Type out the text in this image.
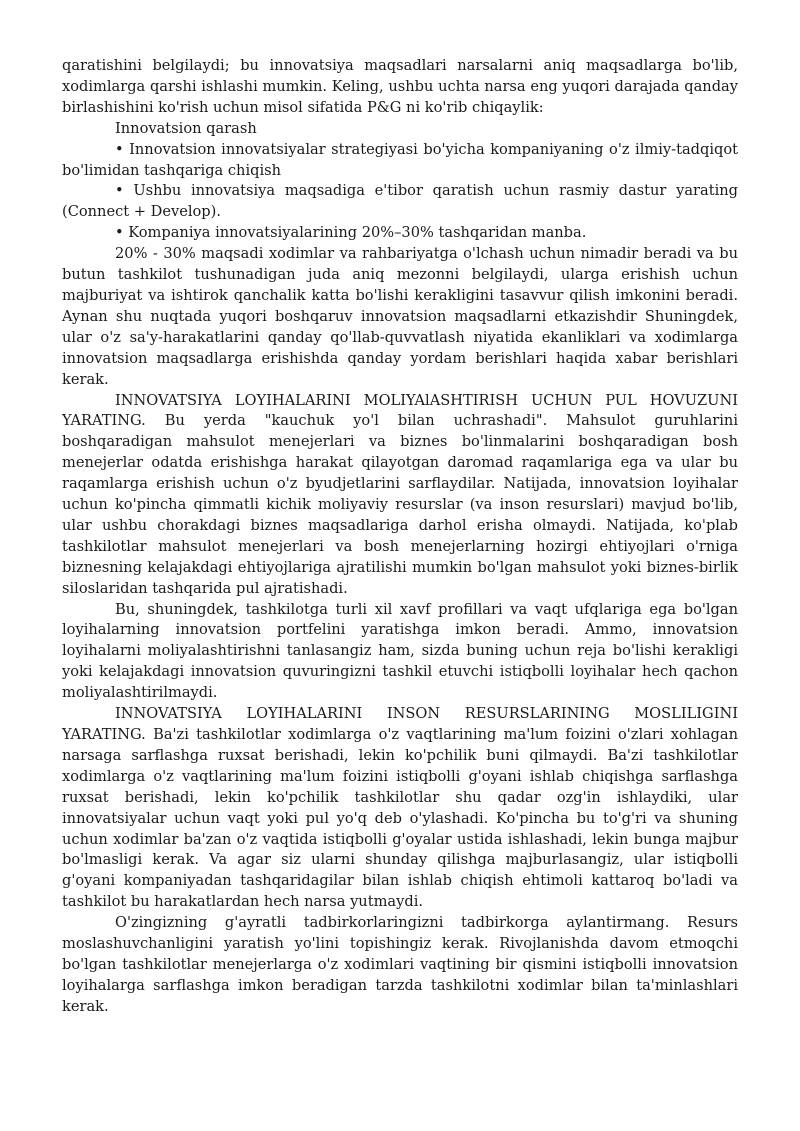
qaratishini belgilaydi; bu innovatsiya maqsadlari narsalarni aniq maqsadlarga bo'lib, xodimlarga qarshi ishlashi mumkin. Keling, ushbu uchta narsa eng yuqori darajada qanday birlashishini ko'rish uchun misol sifatida P&G ni ko'rib chiqaylik:

Innovatsion qarash

• Innovatsion innovatsiyalar strategiyasi bo'yicha kompaniyaning o'z ilmiy-tadqiqot bo'limidan tashqariga chiqish

• Ushbu innovatsiya maqsadiga e'tibor qaratish uchun rasmiy dastur yarating (Connect + Develop).

• Kompaniya innovatsiyalarining 20%–30% tashqaridan manba.

20% - 30% maqsadi xodimlar va rahbariyatga o'lchash uchun nimadir beradi va bu butun tashkilot tushunadigan juda aniq mezonni belgilaydi, ularga erishish uchun majburiyat va ishtirok qanchalik katta bo'lishi kerakligini tasavvur qilish imkonini beradi. Aynan shu nuqtada yuqori boshqaruv innovatsion maqsadlarni etkazishdir Shuningdek, ular o'z sa'y-harakatlarini qanday qo'llab-quvvatlash niyatida ekanliklari va xodimlarga innovatsion maqsadlarga erishishda qanday yordam berishlari haqida xabar berishlari kerak.

INNOVATSIYA LOYIHALARINI MOLIYAlASHTIRISH UCHUN PUL HOVUZUNI YARATING. Bu yerda "kauchuk yo'l bilan uchrashadi". Mahsulot guruhlarini boshqaradigan mahsulot menejerlari va biznes bo'linmalarini boshqaradigan bosh menejerlar odatda erishishga harakat qilayotgan daromad raqamlariga ega va ular bu raqamlarga erishish uchun o'z byudjetlarini sarflaydilar. Natijada, innovatsion loyihalar uchun ko'pincha qimmatli kichik moliyaviy resurslar (va inson resurslari) mavjud bo'lib, ular ushbu chorakdagi biznes maqsadlariga darhol erisha olmaydi. Natijada, ko'plab tashkilotlar mahsulot menejerlari va bosh menejerlarning hozirgi ehtiyojlari o'rniga biznesning kelajakdagi ehtiyojlariga ajratilishi mumkin bo'lgan mahsulot yoki biznes-birlik siloslaridan tashqarida pul ajratishadi.

Bu, shuningdek, tashkilotga turli xil xavf profillari va vaqt ufqlariga ega bo'lgan loyihalarning innovatsion portfelini yaratishga imkon beradi. Ammo, innovatsion loyihalarni moliyalashtirishni tanlasangiz ham, sizda buning uchun reja bo'lishi kerakligi yoki kelajakdagi innovatsion quvuringizni tashkil etuvchi istiqbolli loyihalar hech qachon moliyalashtirilmaydi.

INNOVATSIYA LOYIHALARINI INSON RESURSLARINING MOSLILIGINI YARATING. Ba'zi tashkilotlar xodimlarga o'z vaqtlarining ma'lum foizini o'zlari xohlagan narsaga sarflashga ruxsat berishadi, lekin ko'pchilik buni qilmaydi. Ba'zi tashkilotlar xodimlarga o'z vaqtlarining ma'lum foizini istiqbolli g'oyani ishlab chiqishga sarflashga ruxsat berishadi, lekin ko'pchilik tashkilotlar shu qadar ozg'in ishlaydiki, ular innovatsiyalar uchun vaqt yoki pul yo'q deb o'ylashadi. Ko'pincha bu to'g'ri va shuning uchun xodimlar ba'zan o'z vaqtida istiqbolli g'oyalar ustida ishlashadi, lekin bunga majbur bo'lmasligi kerak. Va agar siz ularni shunday qilishga majburlasangiz, ular istiqbolli g'oyani kompaniyadan tashqaridagilar bilan ishlab chiqish ehtimoli kattaroq bo'ladi va tashkilot bu harakatlardan hech narsa yutmaydi.

O'zingizning g'ayratli tadbirkorlaringizni tadbirkorga aylantirmang. Resurs moslashuvchanligini yaratish yo'lini topishingiz kerak. Rivojlanishda davom etmoqchi bo'lgan tashkilotlar menejerlarga o'z xodimlari vaqtining bir qismini istiqbolli innovatsion loyihalarga sarflashga imkon beradigan tarzda tashkilotni xodimlar bilan ta'minlashlari kerak.
